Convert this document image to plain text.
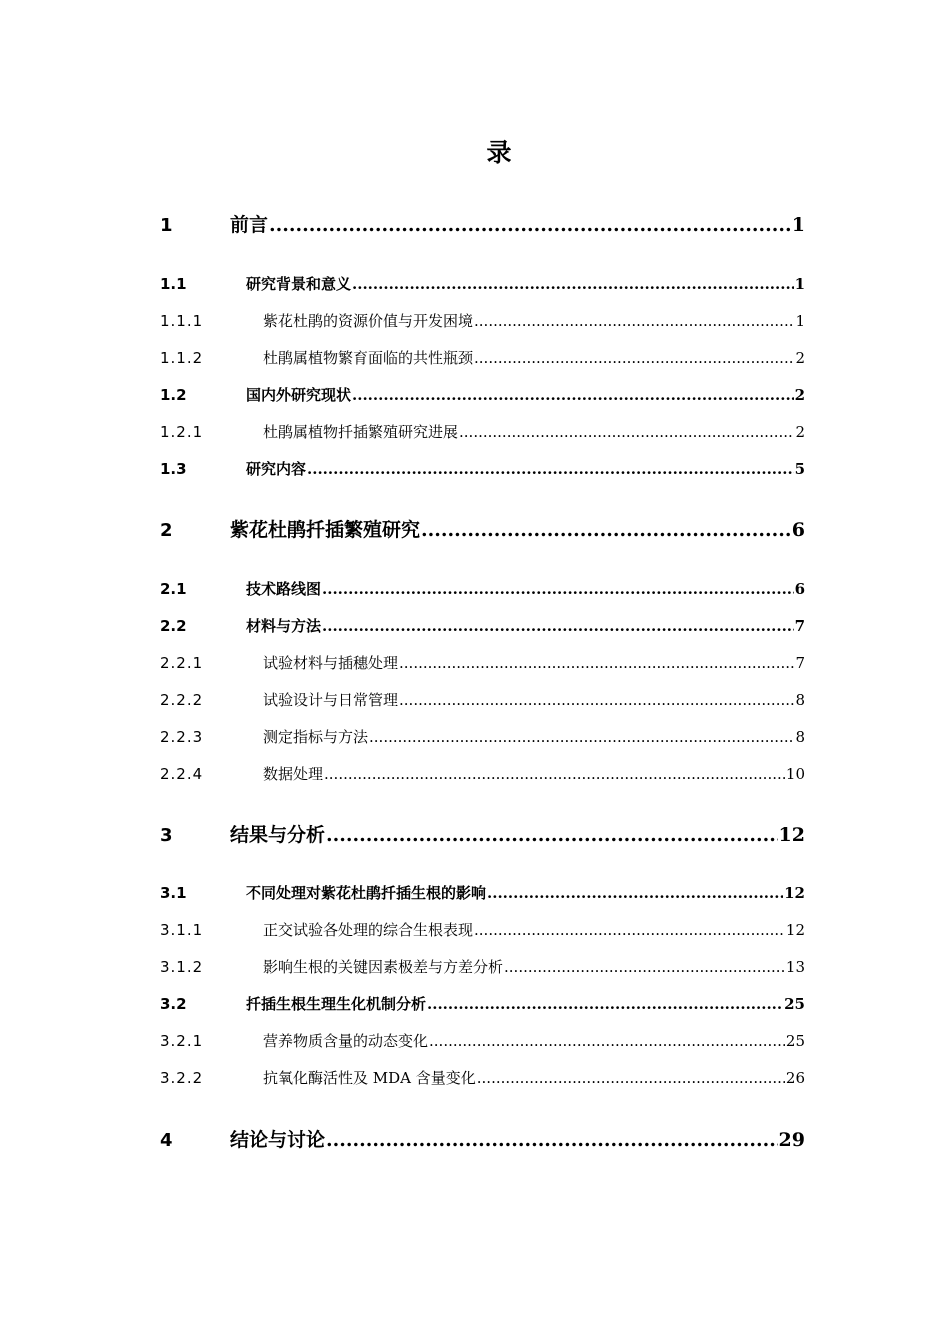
录
1	前言 .....	1
1.1	研究背景和意义 .....	1
1.1.1	紫花杜鹃的资源价值与开发困境 .....	1
1.1.2	杜鹃属植物繁育面临的共性瓶颈 .....	2
1.2	国内外研究现状 .....	2
1.2.1	杜鹃属植物扦插繁殖研究进展 .....	2
1.3	研究内容 .....	5
2	紫花杜鹃扦插繁殖研究 .....	6
2.1	技术路线图 .....	6
2.2	材料与方法 .....	7
2.2.1	试验材料与插穗处理 .....	7
2.2.2	试验设计与日常管理 .....	8
2.2.3	测定指标与方法 .....	8
2.2.4	数据处理 .....	10
3	结果与分析 .....	12
3.1	不同处理对紫花杜鹃扦插生根的影响 .....	12
3.1.1	正交试验各处理的综合生根表现 .....	12
3.1.2	影响生根的关键因素极差与方差分析 .....	13
3.2	扦插生根生理生化机制分析 .....	25
3.2.1	营养物质含量的动态变化 .....	25
3.2.2	抗氧化酶活性及 MDA 含量变化 .....	26
4	结论与讨论 .....	29
